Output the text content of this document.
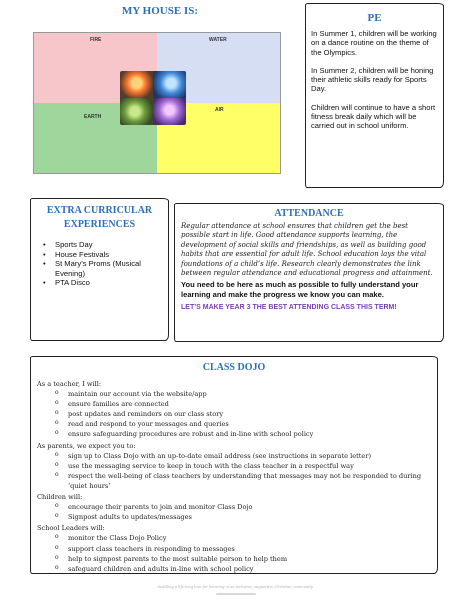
MY HOUSE IS:
FIRE	WATER
EARTH
AIR
PE

In Summer 1, children will be working on a dance routine on the theme of the Olympics.

In Summer 2, children will be honing their athletic skills ready for Sports Day.

Children will continue to have a short fitness break daily which will be carried out in school uniform.

EXTRA CURRICULAR EXPERIENCES
• Sports Day
• House Festivals
• St Mary’s Proms (Musical Evening)
• PTA Disco
ATTENDANCE

Regular attendance at school ensures that children get the best possible start in life. Good attendance supports learning, the development of social skills and friendships, as well as building good habits that are essential for adult life. School education lays the vital foundations of a child’s life. Research clearly demonstrates the link between regular attendance and educational progress and attainment.

You need to be here as much as possible to fully understand your learning and make the progress we know you can make.

LET’S MAKE YEAR 3 THE BEST ATTENDING CLASS THIS TERM!

CLASS DOJO
As a teacher, I will:
o maintain our account via the website/app
o ensure families are connected
o post updates and reminders on our class story
o read and respond to your messages and queries
o ensure safeguarding procedures are robust and in-line with school policy
As parents, we expect you to:
o sign up to Class Dojo with an up-to-date email address (see instructions in separate letter)
o use the messaging service to keep in touch with the class teacher in a respectful way
o respect the well-being of class teachers by understanding that messages may not be responded to during ‘quiet hours’
Children will:
o encourage their parents to join and monitor Class Dojo
o Signpost adults to updates/messages
School Leaders will:
o monitor the Class Dojo Policy
o support class teachers in responding to messages
o help to signpost parents to the most suitable person to help them
o safeguard children and adults in-line with school policy
Instilling a life-long love for learning in an inclusive, supportive Christian community.
